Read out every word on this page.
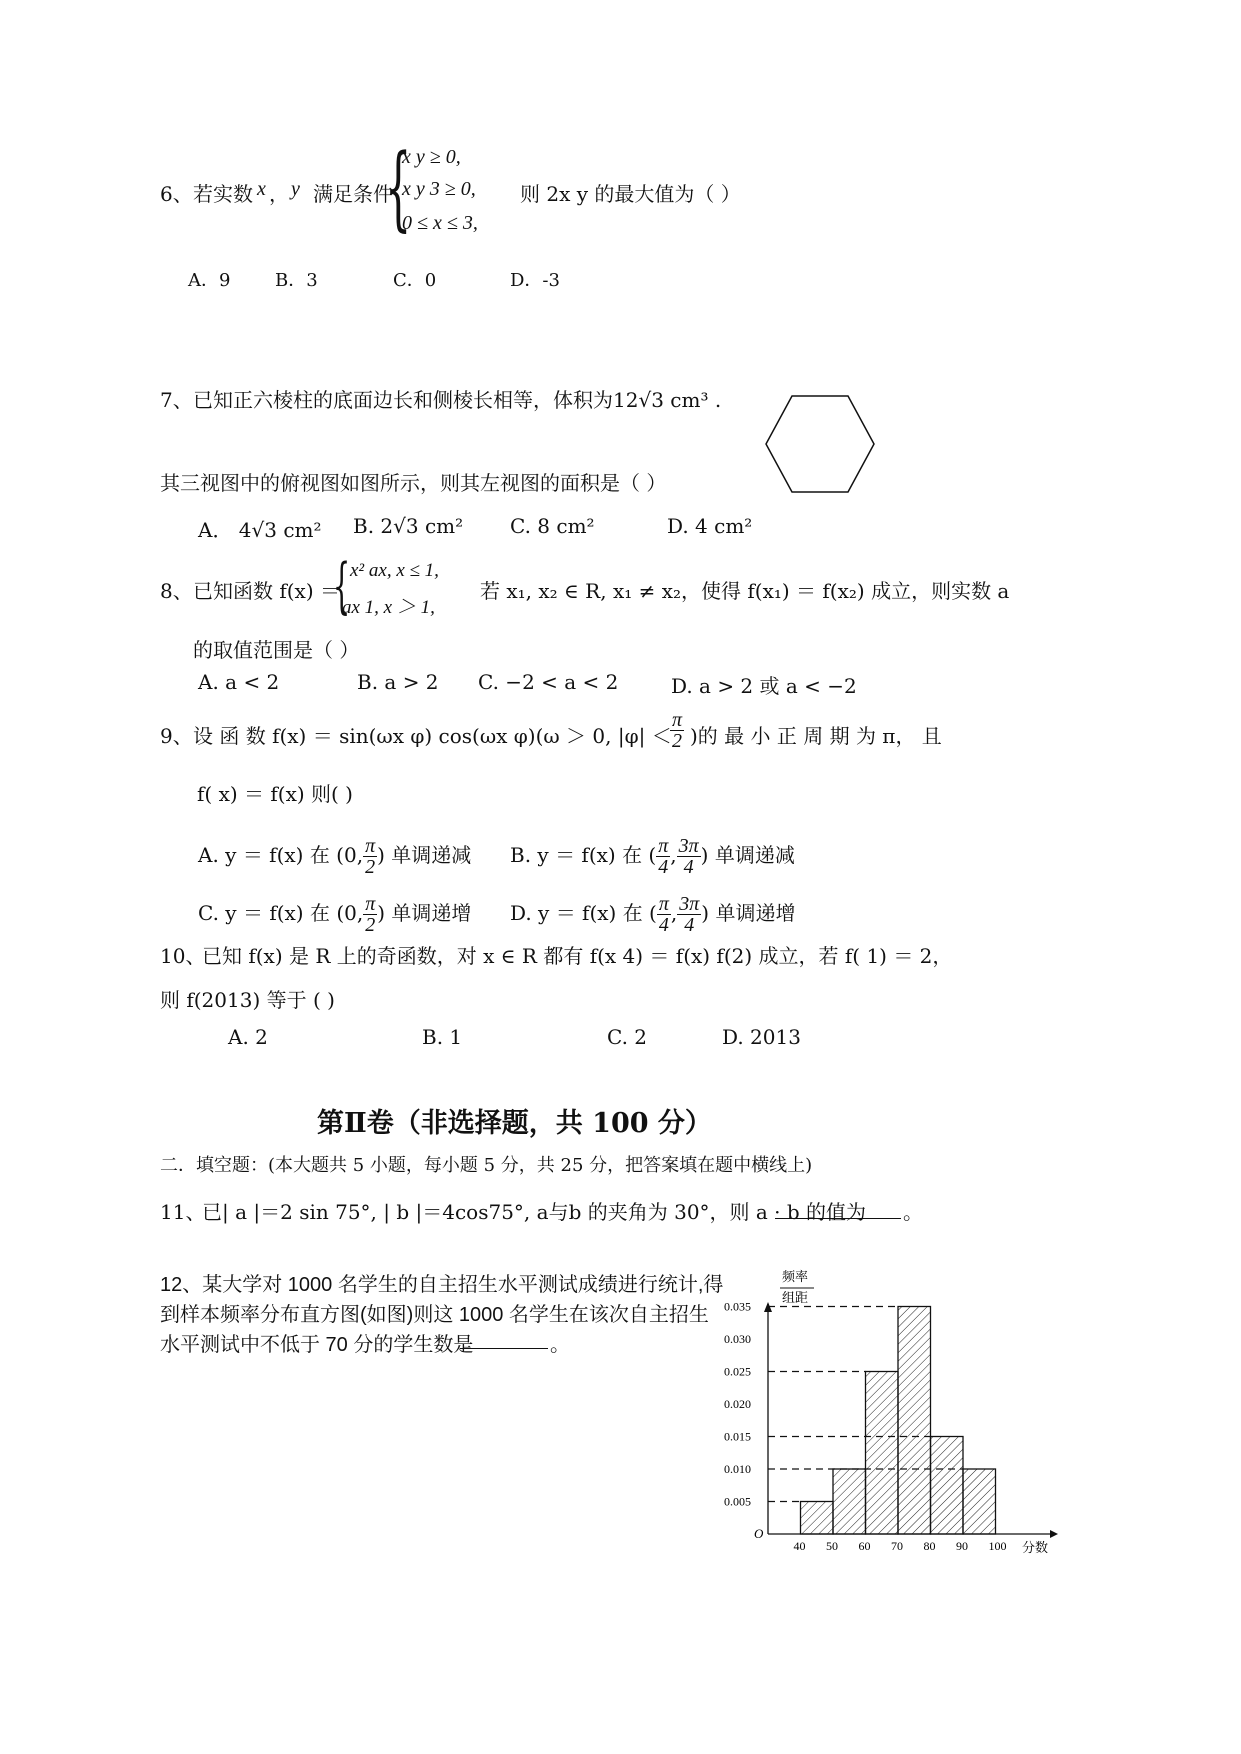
6、 若实数 x ， y 满足条件
{
x y ≥ 0,
x y 3 ≥ 0,
0 ≤ x ≤ 3,
则 2x y 的最大值为（ ）
A．9 B．3	C．0	D．-3
7、 已知正六棱柱的底面边长和侧棱长相等，体积为12√3 cm³ .
其三视图中的俯视图如图所示，则其左视图的面积是（ ）
A． 4√3 cm² B. 2√3 cm² C. 8 cm²	D. 4 cm²
8、 已知函数 f(x) ＝
{ x² ax, x ≤ 1,
ax 1, x ＞ 1,
若 x₁, x₂ ∈ R, x₁ ≠ x₂，使得 f(x₁) ＝ f(x₂) 成立，则实数 a
的取值范围是（ ）
A. a < 2	B. a > 2 C. −2 < a < 2	D. a > 2 或 a < −2
9、 设 函 数 f(x) ＝ sin(ωx φ) cos(ωx φ)(ω ＞ 0, |φ| ＜
$\frac{\pi}{2}$ )的 最 小 正 周 期 为 π， 且
f( x) ＝ f(x) 则( )
A. y ＝ f(x) 在 (0, $\frac{\pi}{2}$ ) 单调递减 B. y ＝ f(x) 在 ( $\frac{\pi}{4}$ , $\frac{3\pi}{4}$ ) 单调递减
C. y ＝ f(x) 在 (0, $\frac{\pi}{2}$ ) 单调递增 D. y ＝ f(x) 在 ( $\frac{\pi}{4}$ , $\frac{3\pi}{4}$ ) 单调递增
10、
已知 f(x) 是 R 上的奇函数，对 x ∈ R 都有 f(x 4) ＝ f(x) f(2) 成立，若 f( 1) ＝ 2，
则 f(2013) 等于 ( )
A. 2	B. 1	C. 2	D. 2013
第Ⅱ卷（非选择题，共 100 分）
二．填空题：(本大题共 5 小题，每小题 5 分，共 25 分，把答案填在题中横线上)
11、
已| a |＝2 sin 75°, | b |＝4cos75°, a与b 的夹角为 30°，则 a · b 的值为 。
12、某大学对 1000 名学生的自主招生水平测试成绩进行统计,得
到样本频率分布直方图(如图)则这 1000 名学生在该次自主招生
水平测试中不低于 70 分的学生数是	。
频率
组距
O
0.005
0.010
0.015
0.020
0.025
0.030
0.035
40 50 60 70 80 90 100 分数
